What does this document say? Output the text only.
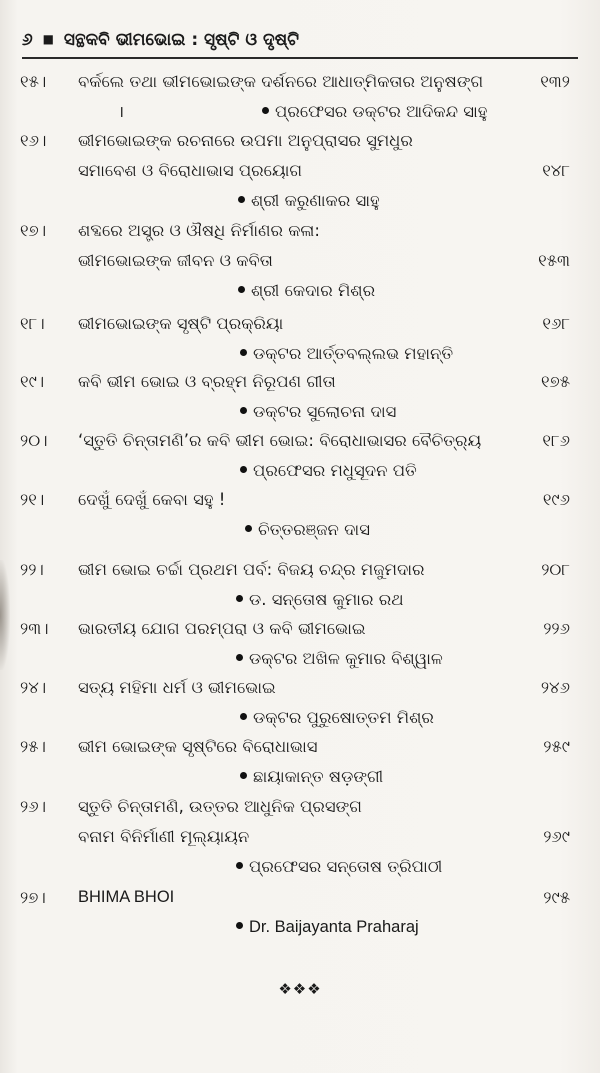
୬ ■ ସନ୍ଥକବି ଭୀମଭୋଇ : ସୃଷ୍ଟି ଓ ଦୃଷ୍ଟି
୧୫। ବର୍କଲେ ତଥା ଭୀମଭୋଇଙ୍କ ଦର୍ଶନରେ ଆଧାତ୍ମିକତାର ଅନୁଷଙ୍ଗ	୧୩୨
ପ୍ରଫେସର ଡକ୍ଟର ଆଦିକନ୍ଦ ସାହୁ
୧୬। ଭୀମଭୋଇଙ୍କ ରଚନାରେ ଉପମା ଅନୁପ୍ରାସର ସୁମଧୁର
ସମାବେଶ ଓ ବିରୋଧାଭାସ ପ୍ରୟୋଗ	୧୪୮
ଶ୍ରୀ କରୁଣାକର ସାହୁ
୧୭। ଶବ୍ଦରେ ଅସ୍ତ୍ର ଓ ଔଷଧି ନିର୍ମାଣର କଳା:
ଭୀମଭୋଇଙ୍କ ଜୀବନ ଓ କବିତା	୧୫୩
ଶ୍ରୀ କେଦାର ମିଶ୍ର
୧୮। ଭୀମଭୋଇଙ୍କ ସୃଷ୍ଟି ପ୍ରକ୍ରିୟା	୧୬୮
ଡକ୍ଟର ଆର୍ତ୍ତବଲ୍ଲଭ ମହାନ୍ତି
୧୯। କବି ଭୀମ ଭୋଇ ଓ ବ୍ରହ୍ମ ନିରୂପଣ ଗୀତା	୧୭୫
ଡକ୍ଟର ସୁଲୋଚନା ଦାସ
୨୦। ‘ସ୍ତୁତି ଚିନ୍ତାମଣି’ର କବି ଭୀମ ଭୋଇ: ବିରୋଧାଭାସର ବୈଚିତ୍ର୍ୟ	୧୮୬
ପ୍ରଫେସର ମଧୁସୂଦନ ପତି
୨୧। ଦେଖୁଁ ଦେଖୁଁ କେବା ସହୁ !	୧୯୬
ଚିତ୍ତରଞ୍ଜନ ଦାସ
୨୨। ଭୀମ ଭୋଇ ଚର୍ଚ୍ଚା ପ୍ରଥମ ପର୍ବ: ବିଜୟ ଚନ୍ଦ୍ର ମଜୁମଦାର	୨୦୮
ଡ. ସନ୍ତୋଷ କୁମାର ରଥ
୨୩। ଭାରତୀୟ ଯୋଗ ପରମ୍ପରା ଓ କବି ଭୀମଭୋଇ	୨୨୬
ଡକ୍ଟର ଅଖିଳ କୁମାର ବିଶ୍ୱାଳ
୨୪। ସତ୍ୟ ମହିମା ଧର୍ମ ଓ ଭୀମଭୋଇ	୨୪୬
ଡକ୍ଟର ପୁରୁଷୋତ୍ତମ ମିଶ୍ର
୨୫। ଭୀମ ଭୋଇଙ୍କ ସୃଷ୍ଟିରେ ବିରୋଧାଭାସ	୨୫୯
ଛାୟାକାନ୍ତ ଷଡ଼ଙ୍ଗୀ
୨୬। ସ୍ତୁତି ଚିନ୍ତାମଣି, ଉତ୍ତର ଆଧୁନିକ ପ୍ରସଙ୍ଗ
ବନାମ ବିନିର୍ମାଣୀ ମୂଲ୍ୟାୟନ	୨୬୯
ପ୍ରଫେସର ସନ୍ତୋଷ ତ୍ରିପାଠୀ
୨୭। BHIMA BHOI	୨୯୫
Dr. Baijayanta Praharaj
।
❖❖❖
